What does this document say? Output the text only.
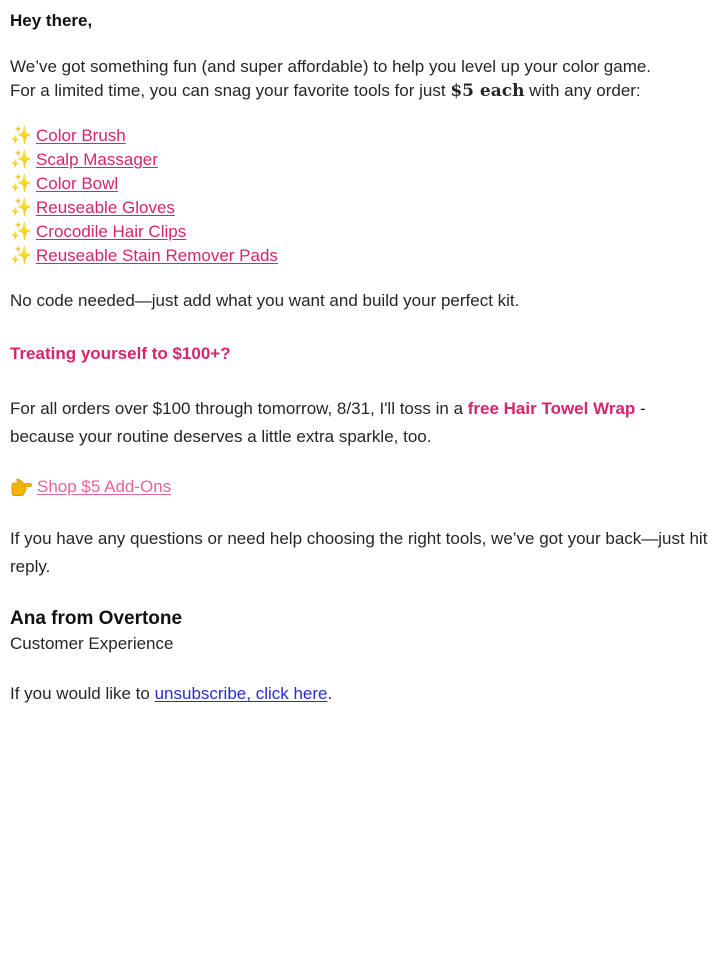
Hey there,

We’ve got something fun (and super affordable) to help you level up your color game.
For a limited time, you can snag your favorite tools for just $5 each with any order:

✨ Color Brush
✨ Scalp Massager
✨ Color Bowl
✨ Reuseable Gloves
✨ Crocodile Hair Clips
✨ Reuseable Stain Remover Pads

No code needed—just add what you want and build your perfect kit.

Treating yourself to $100+?

For all orders over $100 through tomorrow, 8/31, I'll toss in a free Hair Towel Wrap - because your routine deserves a little extra sparkle, too.

Shop $5 Add-Ons

If you have any questions or need help choosing the right tools, we’ve got your back—just hit reply.

Ana from Overtone

Customer Experience

If you would like to unsubscribe, click here.
